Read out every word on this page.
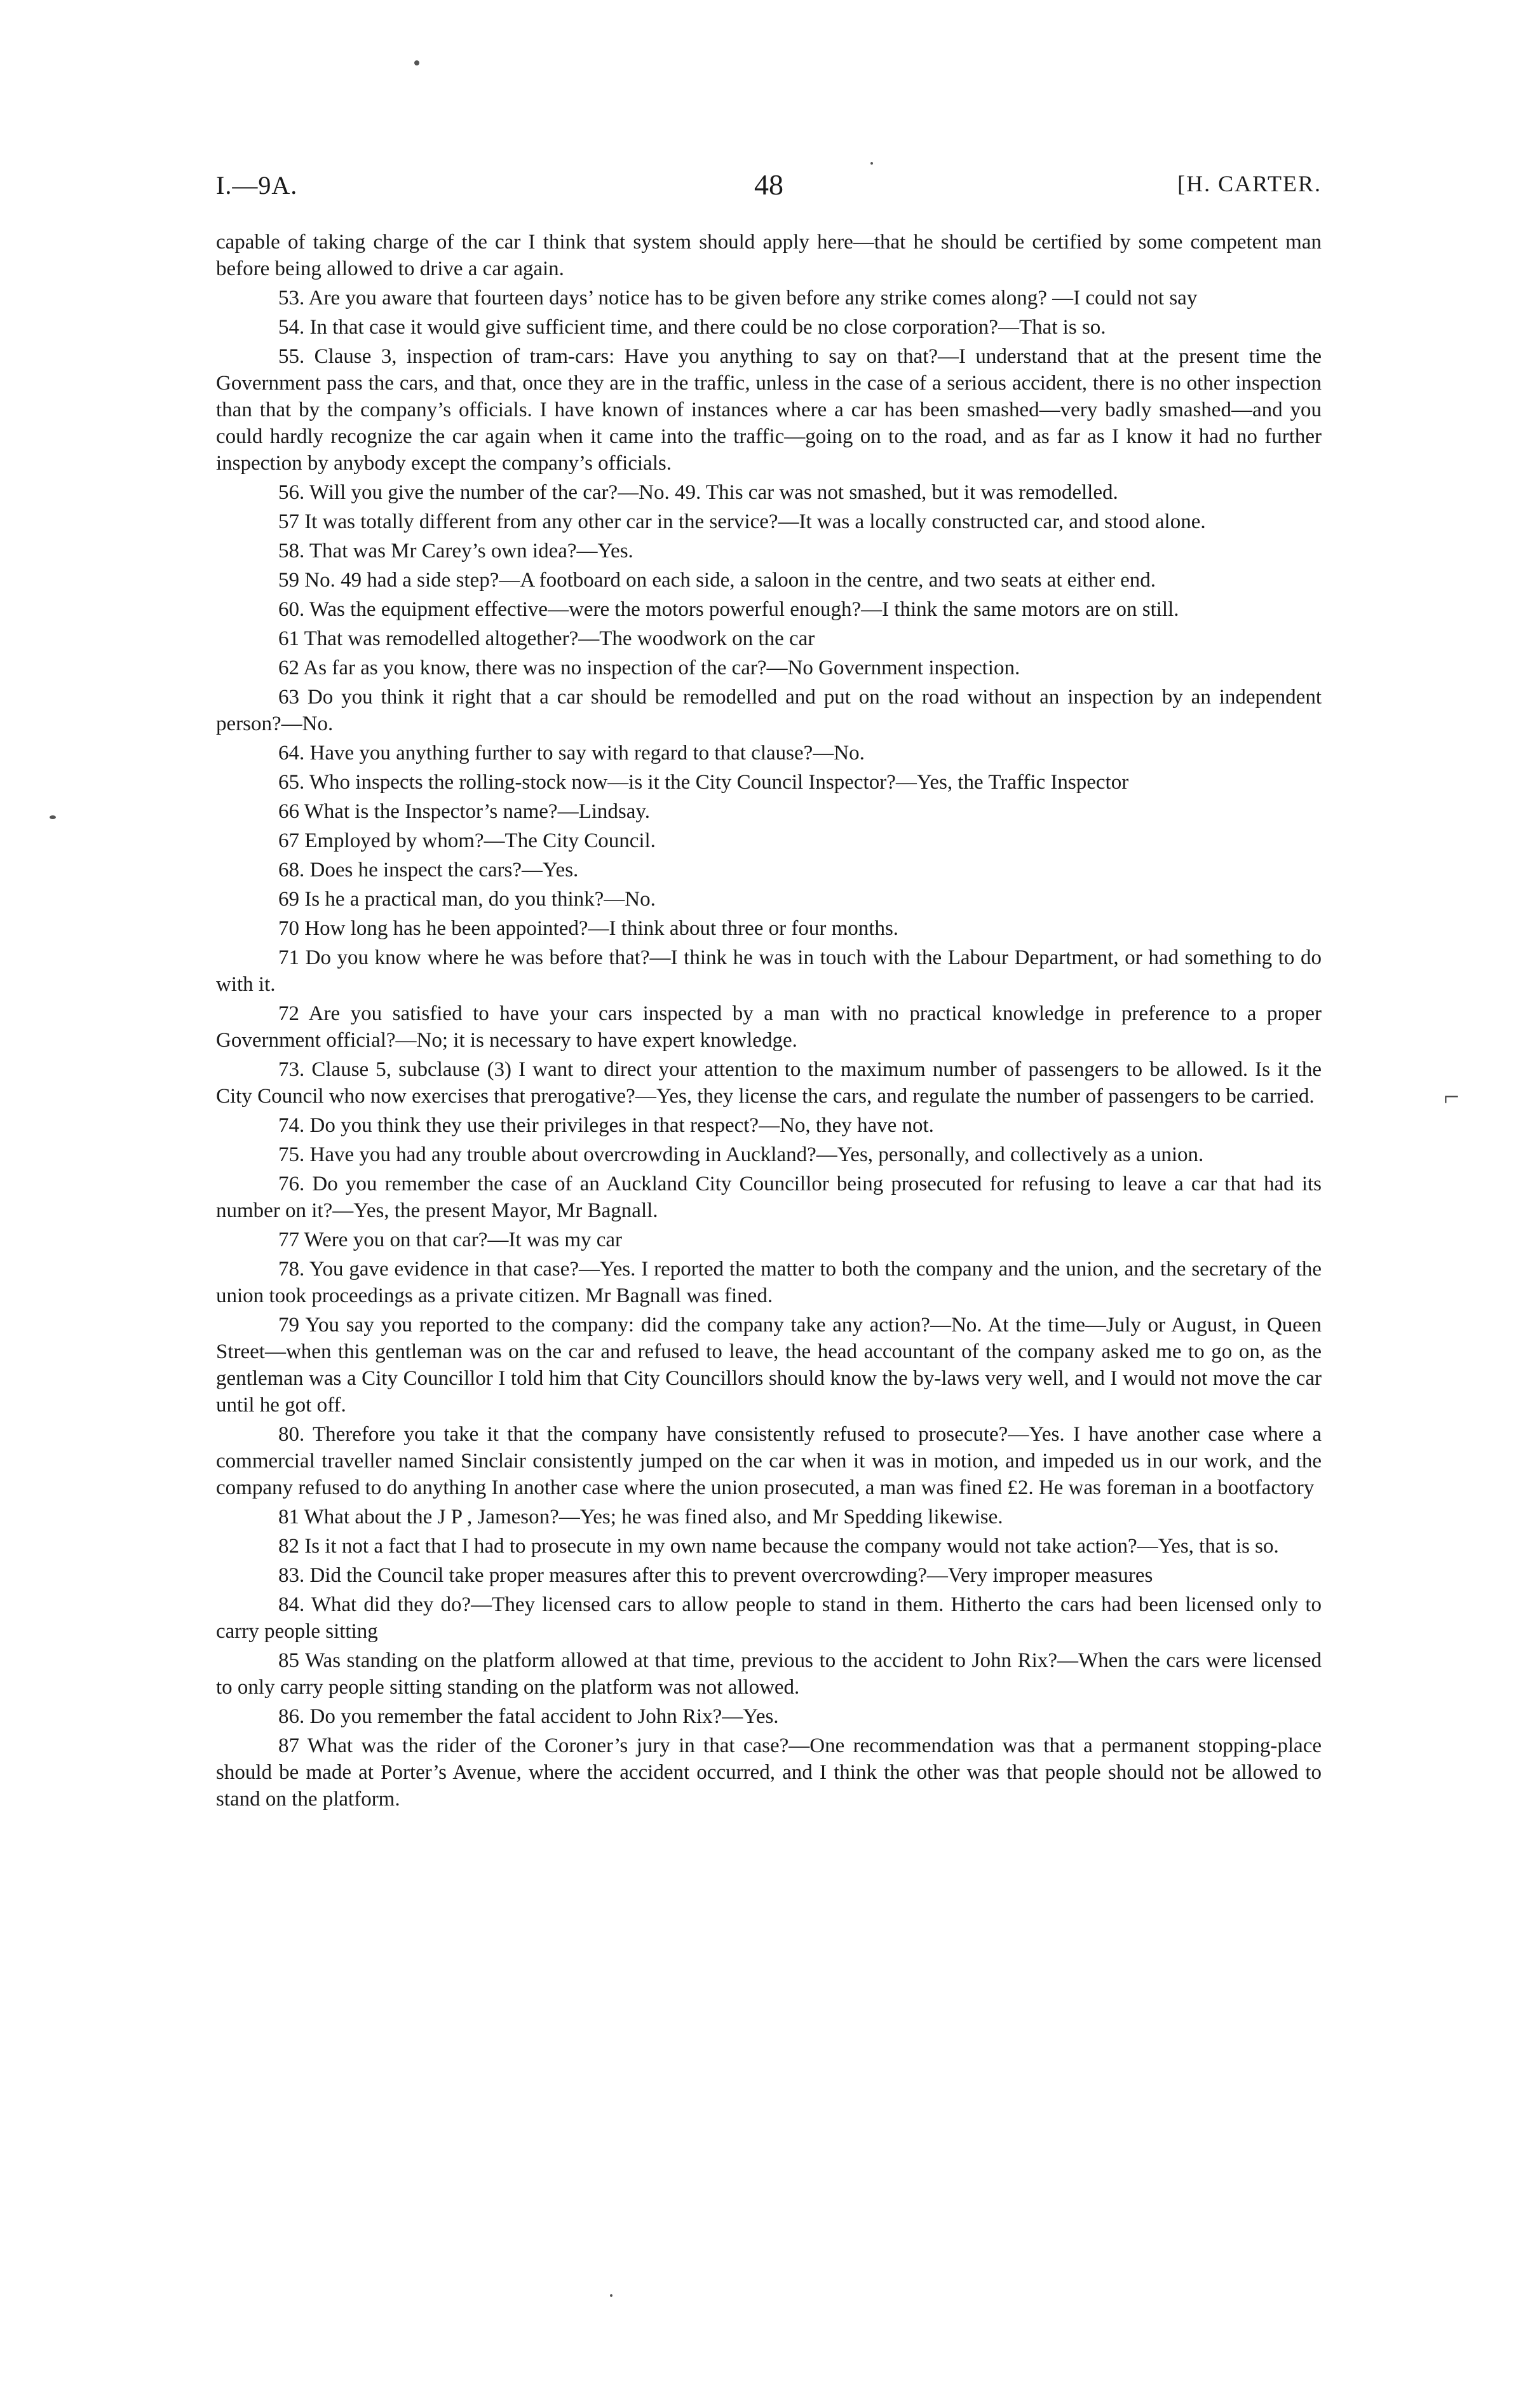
⌐
I.—9A.	48	[H. CARTER.

capable of taking charge of the car I think that system should apply here—that he should be certified by some competent man before being allowed to drive a car again.

53. Are you aware that fourteen days’ notice has to be given before any strike comes along? —I could not say

54. In that case it would give sufficient time, and there could be no close corporation?—That is so.

55. Clause 3, inspection of tram-cars: Have you anything to say on that?—I understand that at the present time the Government pass the cars, and that, once they are in the traffic, unless in the case of a serious accident, there is no other inspection than that by the company’s officials. I have known of instances where a car has been smashed—very badly smashed—and you could hardly recognize the car again when it came into the traffic—going on to the road, and as far as I know it had no further inspection by anybody except the company’s officials.

56. Will you give the number of the car?—No. 49. This car was not smashed, but it was remodelled.

57 It was totally different from any other car in the service?—It was a locally constructed car, and stood alone.

58. That was Mr Carey’s own idea?—Yes.

59 No. 49 had a side step?—A footboard on each side, a saloon in the centre, and two seats at either end.

60. Was the equipment effective—were the motors powerful enough?—I think the same motors are on still.

61 That was remodelled altogether?—The woodwork on the car

62 As far as you know, there was no inspection of the car?—No Government inspection.

63 Do you think it right that a car should be remodelled and put on the road without an inspection by an independent person?—No.

64. Have you anything further to say with regard to that clause?—No.

65. Who inspects the rolling-stock now—is it the City Council Inspector?—Yes, the Traffic Inspector

66 What is the Inspector’s name?—Lindsay.

67 Employed by whom?—The City Council.

68. Does he inspect the cars?—Yes.

69 Is he a practical man, do you think?—No.

70 How long has he been appointed?—I think about three or four months.

71 Do you know where he was before that?—I think he was in touch with the Labour Department, or had something to do with it.

72 Are you satisfied to have your cars inspected by a man with no practical knowledge in preference to a proper Government official?—No; it is necessary to have expert knowledge.

73. Clause 5, subclause (3) I want to direct your attention to the maximum number of passengers to be allowed. Is it the City Council who now exercises that prerogative?—Yes, they license the cars, and regulate the number of passengers to be carried.

74. Do you think they use their privileges in that respect?—No, they have not.

75. Have you had any trouble about overcrowding in Auckland?—Yes, personally, and collectively as a union.

76. Do you remember the case of an Auckland City Councillor being prosecuted for refusing to leave a car that had its number on it?—Yes, the present Mayor, Mr Bagnall.

77 Were you on that car?—It was my car

78. You gave evidence in that case?—Yes. I reported the matter to both the company and the union, and the secretary of the union took proceedings as a private citizen. Mr Bagnall was fined.

79 You say you reported to the company: did the company take any action?—No. At the time—July or August, in Queen Street—when this gentleman was on the car and refused to leave, the head accountant of the company asked me to go on, as the gentleman was a City Councillor I told him that City Councillors should know the by-laws very well, and I would not move the car until he got off.

80. Therefore you take it that the company have consistently refused to prosecute?—Yes. I have another case where a commercial traveller named Sinclair consistently jumped on the car when it was in motion, and impeded us in our work, and the company refused to do anything In another case where the union prosecuted, a man was fined £2. He was foreman in a bootfactory

81 What about the J P , Jameson?—Yes; he was fined also, and Mr Spedding likewise.

82 Is it not a fact that I had to prosecute in my own name because the company would not take action?—Yes, that is so.

83. Did the Council take proper measures after this to prevent overcrowding?—Very improper measures

84. What did they do?—They licensed cars to allow people to stand in them. Hitherto the cars had been licensed only to carry people sitting

85 Was standing on the platform allowed at that time, previous to the accident to John Rix?—When the cars were licensed to only carry people sitting standing on the platform was not allowed.

86. Do you remember the fatal accident to John Rix?—Yes.

87 What was the rider of the Coroner’s jury in that case?—One recommendation was that a permanent stopping-place should be made at Porter’s Avenue, where the accident occurred, and I think the other was that people should not be allowed to stand on the platform.
